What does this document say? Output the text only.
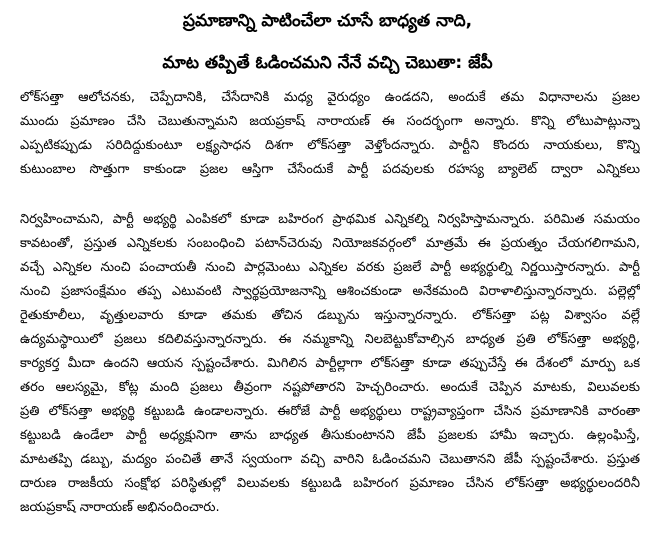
ప్రమాణాన్ని పాటించేలా చూసే బాధ్యత నాది,
మాట తప్పితే ఓడించమని నేనే వచ్చి చెబుతా: జేపీ
లోక్‌సత్తా ఆలోచనకు, చెప్పేదానికి, చేసేదానికి మధ్య వైరుధ్యం ఉండదని, అందుకే తమ విధానాలను ప్రజల
ముందు ప్రమాణం చేసి చెబుతున్నామని జయప్రకాష్ నారాయణ్ ఈ సందర్భంగా అన్నారు. కొన్ని లోటుపాట్లున్నా
ఎప్పటికప్పుడు సరిదిద్దుకుంటూ లక్ష్యసాధన దిశగా లోక్‌సత్తా వెళ్తోందన్నారు. పార్టీని కొందరు నాయకులు, కొన్ని
కుటుంబాల సొత్తుగా కాకుండా ప్రజల ఆస్తిగా చేసేందుకే పార్టీ పదవులకు రహస్య బ్యాలెట్ ద్వారా ఎన్నికలు
నిర్వహించామని, పార్టీ అభ్యర్థి ఎంపికలో కూడా బహిరంగ ప్రాథమిక ఎన్నికల్ని నిర్వహిస్తామన్నారు. పరిమిత సమయం
కావటంతో, ప్రస్తుత ఎన్నికలకు సంబంధించి పటాన్‌చెరువు నియోజకవర్గంలో మాత్రమే ఈ ప్రయత్నం చేయగలిగామని,
వచ్చే ఎన్నికల నుంచి పంచాయతీ నుంచి పార్లమెంటు ఎన్నికల వరకు ప్రజలే పార్టీ అభ్యర్థుల్ని నిర్ణయిస్తారన్నారు. పార్టీ
నుంచి ప్రజాసంక్షేమం తప్ప ఎటువంటి స్వార్థప్రయోజనాన్ని ఆశించకుండా అనేకమంది విరాళాలిస్తున్నారన్నారు. పల్లెల్లో
రైతుకూలీలు, వృత్తులవారు కూడా తమకు తోచిన డబ్బును ఇస్తున్నారన్నారు. లోక్‌సత్తా పట్ల విశ్వాసం వల్లే
ఉద్యమస్థాయిలో ప్రజలు కదిలివస్తున్నారన్నారు. ఈ నమ్మకాన్ని నిలబెట్టుకోవాల్సిన బాధ్యత ప్రతి లోక్‌సత్తా అభ్యర్థి,
కార్యకర్త మీదా ఉందని ఆయన స్పష్టంచేశారు. మిగిలిన పార్టీల్లాగా లోక్‌సత్తా కూడా తప్పుచేస్తే ఈ దేశంలో మార్పు ఒక
తరం ఆలస్యమై, కోట్ల మంది ప్రజలు తీవ్రంగా నష్టపోతారని హెచ్చరించారు. అందుకే చెప్పిన మాటకు, విలువలకు
ప్రతి లోక్‌సత్తా అభ్యర్థి కట్టుబడి ఉండాలన్నారు. ఈరోజే పార్టీ అభ్యర్థులు రాష్ట్రవ్యాప్తంగా చేసిన ప్రమాణానికి వారంతా
కట్టుబడి ఉండేలా పార్టీ అధ్యక్షునిగా తాను బాధ్యత తీసుకుంటానని జేపీ ప్రజలకు హామీ ఇచ్చారు. ఉల్లంఘిస్తే,
మాటతప్పి డబ్బు, మద్యం పంచితే తానే స్వయంగా వచ్చి వారిని ఓడించమని చెబుతానని జేపీ స్పష్టంచేశారు. ప్రస్తుత
దారుణ రాజకీయ సంక్షోభ పరిస్థితుల్లో విలువలకు కట్టుబడి బహిరంగ ప్రమాణం చేసిన లోక్‌సత్తా అభ్యర్థులందరినీ
జయప్రకాష్ నారాయణ్ అభినందించారు.
